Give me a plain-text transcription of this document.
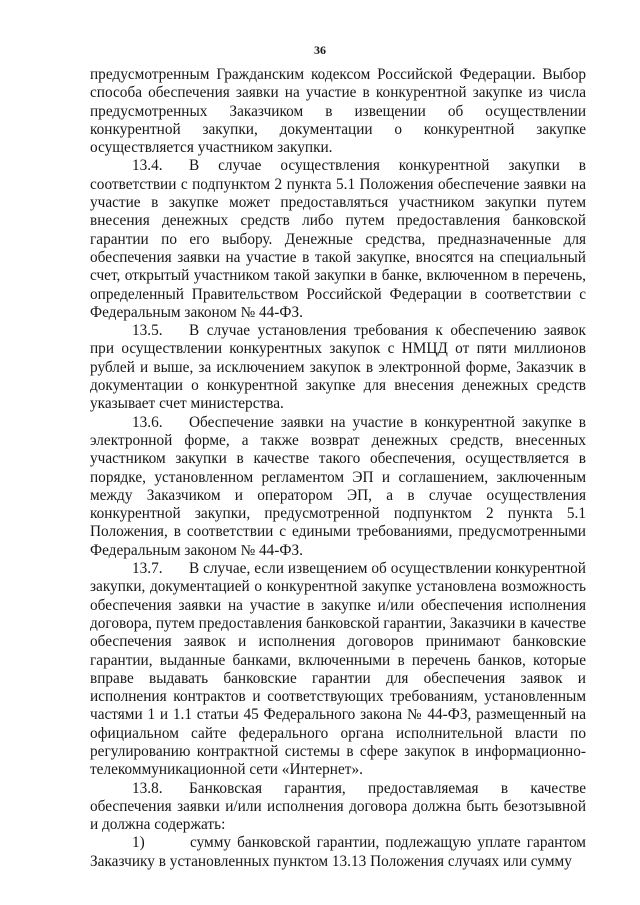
36

предусмотренным Гражданским кодексом Российской Федерации. Выбор способа обеспечения заявки на участие в конкурентной закупке из числа предусмотренных Заказчиком в извещении об осуществлении конкурентной закупки, документации о конкурентной закупке осуществляется участником закупки.

13.4. В случае осуществления конкурентной закупки в соответствии с подпунктом 2 пункта 5.1 Положения обеспечение заявки на участие в закупке может предоставляться участником закупки путем внесения денежных средств либо путем предоставления банковской гарантии по его выбору. Денежные средства, предназначенные для обеспечения заявки на участие в такой закупке, вносятся на специальный счет, открытый участником такой закупки в банке, включенном в перечень, определенный Правительством Российской Федерации в соответствии с Федеральным законом № 44-ФЗ.

13.5. В случае установления требования к обеспечению заявок при осуществлении конкурентных закупок с НМЦД от пяти миллионов рублей и выше, за исключением закупок в электронной форме, Заказчик в документации о конкурентной закупке для внесения денежных средств указывает счет министерства.

13.6. Обеспечение заявки на участие в конкурентной закупке в электронной форме, а также возврат денежных средств, внесенных участником закупки в качестве такого обеспечения, осуществляется в порядке, установленном регламентом ЭП и соглашением, заключенным между Заказчиком и оператором ЭП, а в случае осуществления конкурентной закупки, предусмотренной подпунктом 2 пункта 5.1 Положения, в соответствии с едиными требованиями, предусмотренными Федеральным законом № 44-ФЗ.

13.7. В случае, если извещением об осуществлении конкурентной закупки, документацией о конкурентной закупке установлена возможность обеспечения заявки на участие в закупке и/или обеспечения исполнения договора, путем предоставления банковской гарантии, Заказчики в качестве обеспечения заявок и исполнения договоров принимают банковские гарантии, выданные банками, включенными в перечень банков, которые вправе выдавать банковские гарантии для обеспечения заявок и исполнения контрактов и соответствующих требованиям, установленным частями 1 и 1.1 статьи 45 Федерального закона № 44-ФЗ, размещенный на официальном сайте федерального органа исполнительной власти по регулированию контрактной системы в сфере закупок в информационно-телекоммуникационной сети «Интернет».

13.8. Банковская гарантия, предоставляемая в качестве обеспечения заявки и/или исполнения договора должна быть безотзывной и должна содержать:

1)	сумму банковской гарантии, подлежащую уплате гарантом Заказчику в установленных пунктом 13.13 Положения случаях или сумму
